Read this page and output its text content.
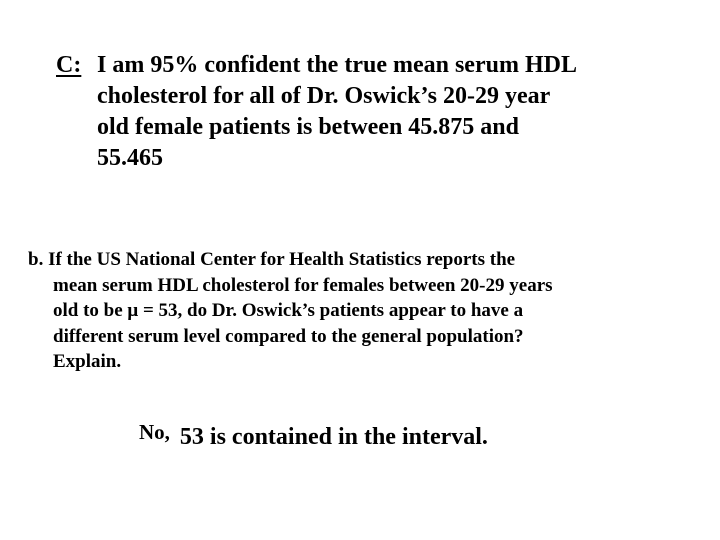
C: I am 95% confident the true mean serum HDL
cholesterol for all of Dr. Oswick’s 20-29 year
old female patients is between 45.875 and
55.465
b. If the US National Center for Health Statistics reports the
mean serum HDL cholesterol for females between 20-29 years
old to be μ = 53, do Dr. Oswick’s patients appear to have a
different serum level compared to the general population?
Explain.
No, 53 is contained in the interval.
